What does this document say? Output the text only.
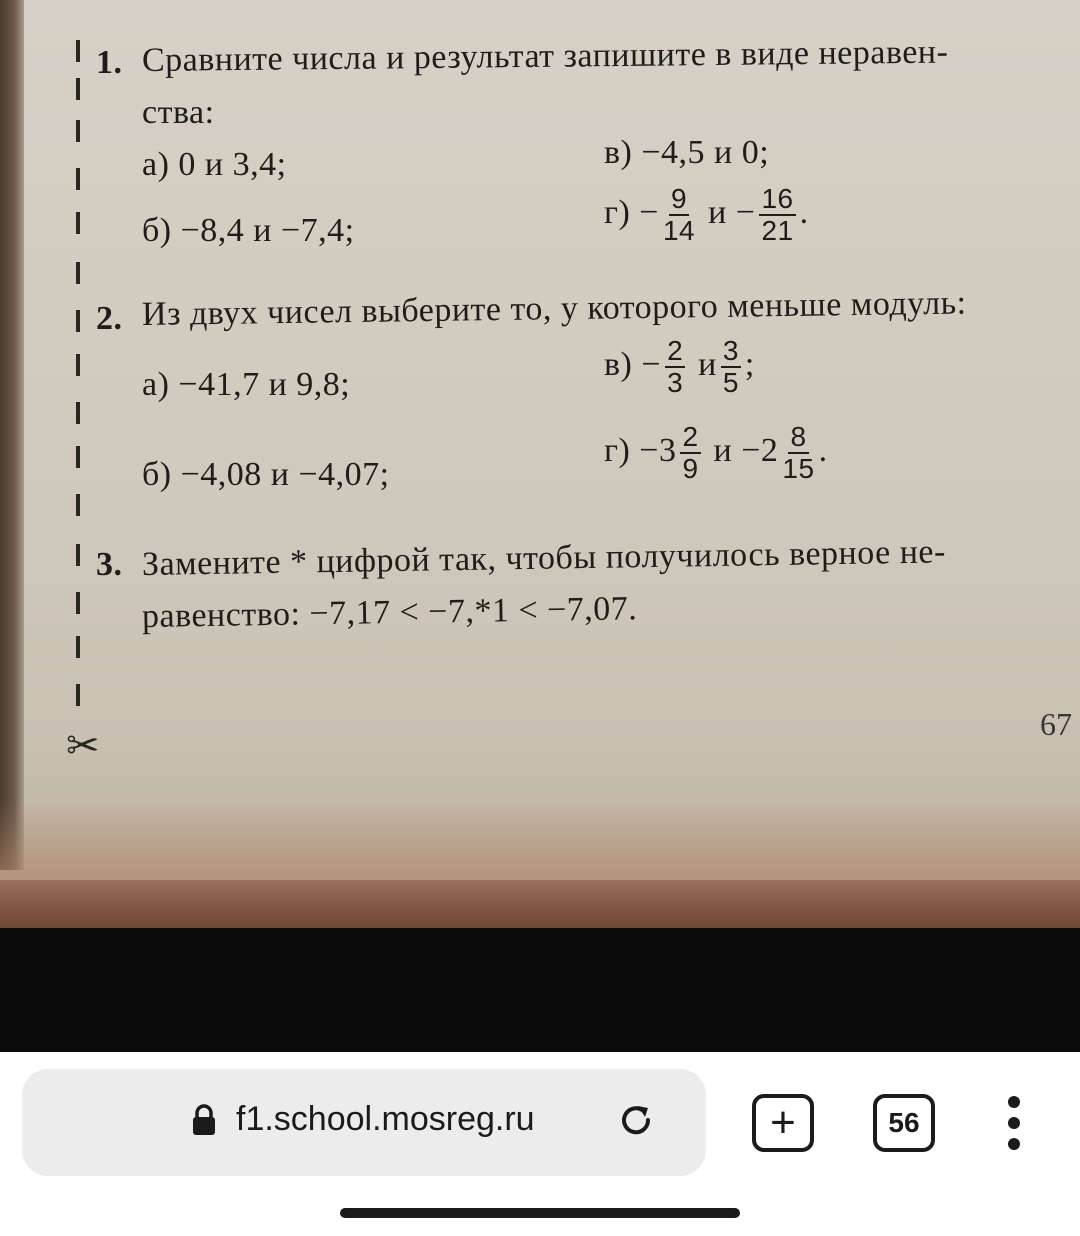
✂
1. Сравните числа и результат запишите в виде неравен-
ства:
а) 0 и 3,4;	в) −4,5 и 0;
б) −8,4 и −7,4;	$г) - \frac{9}{14}$ $и - \frac{16}{21}$ .
2. Из двух чисел выберите то, у которого меньше модуль:
а) −41,7 и 9,8;
$в) - \frac{2}{3}$ и $\frac{3}{5}$ ;
б) −4,08 и −4,07;
$г) -3 \frac{2}{9}$ $и -2 \frac{8}{15}$ .
3. Замените * цифрой так, чтобы получилось верное не-
равенство: −7,17 < −7,*1 < −7,07.
67
f1.school.mosreg.ru	+	56
